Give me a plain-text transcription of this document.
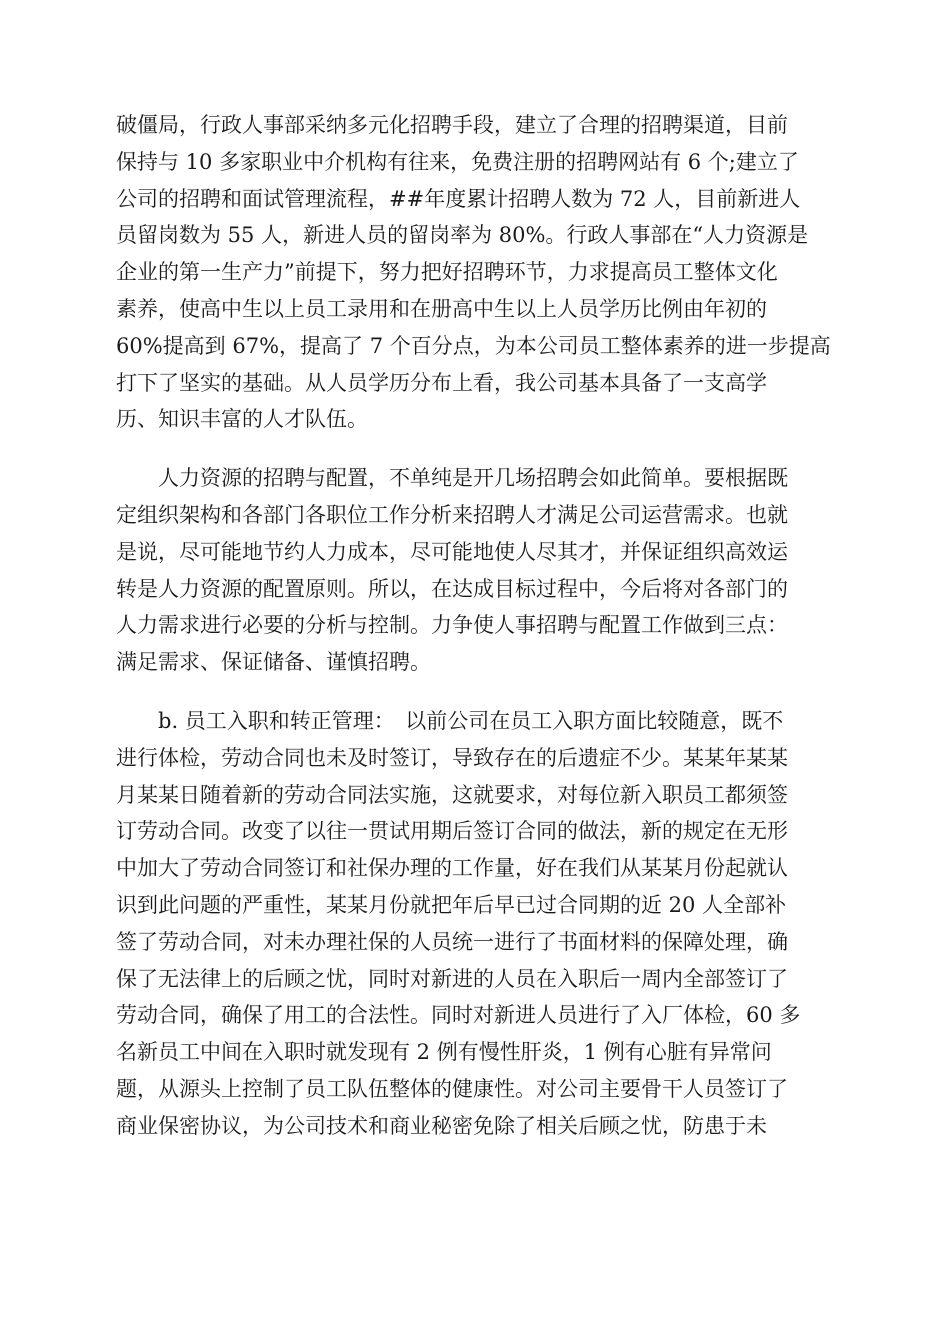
破僵局，行政人事部采纳多元化招聘手段，建立了合理的招聘渠道，目前
保持与 10 多家职业中介机构有往来，免费注册的招聘网站有 6 个;建立了
公司的招聘和面试管理流程，##年度累计招聘人数为 72 人，目前新进人
员留岗数为 55 人，新进人员的留岗率为 80%。行政人事部在“人力资源是
企业的第一生产力”前提下，努力把好招聘环节，力求提高员工整体文化
素养，使高中生以上员工录用和在册高中生以上人员学历比例由年初的
60%提高到 67%，提高了 7 个百分点，为本公司员工整体素养的进一步提高
打下了坚实的基础。从人员学历分布上看，我公司基本具备了一支高学
历、知识丰富的人才队伍。
人力资源的招聘与配置，不单纯是开几场招聘会如此简单。要根据既
定组织架构和各部门各职位工作分析来招聘人才满足公司运营需求。也就
是说，尽可能地节约人力成本，尽可能地使人尽其才，并保证组织高效运
转是人力资源的配置原则。所以，在达成目标过程中，今后将对各部门的
人力需求进行必要的分析与控制。力争使人事招聘与配置工作做到三点：
满足需求、保证储备、谨慎招聘。
b. 员工入职和转正管理：　以前公司在员工入职方面比较随意，既不
进行体检，劳动合同也未及时签订，导致存在的后遗症不少。某某年某某
月某某日随着新的劳动合同法实施，这就要求，对每位新入职员工都须签
订劳动合同。改变了以往一贯试用期后签订合同的做法，新的规定在无形
中加大了劳动合同签订和社保办理的工作量，好在我们从某某月份起就认
识到此问题的严重性，某某月份就把年后早已过合同期的近 20 人全部补
签了劳动合同，对未办理社保的人员统一进行了书面材料的保障处理，确
保了无法律上的后顾之忧，同时对新进的人员在入职后一周内全部签订了
劳动合同，确保了用工的合法性。同时对新进人员进行了入厂体检，60 多
名新员工中间在入职时就发现有 2 例有慢性肝炎，1 例有心脏有异常问
题，从源头上控制了员工队伍整体的健康性。对公司主要骨干人员签订了
商业保密协议，为公司技术和商业秘密免除了相关后顾之忧，防患于未
